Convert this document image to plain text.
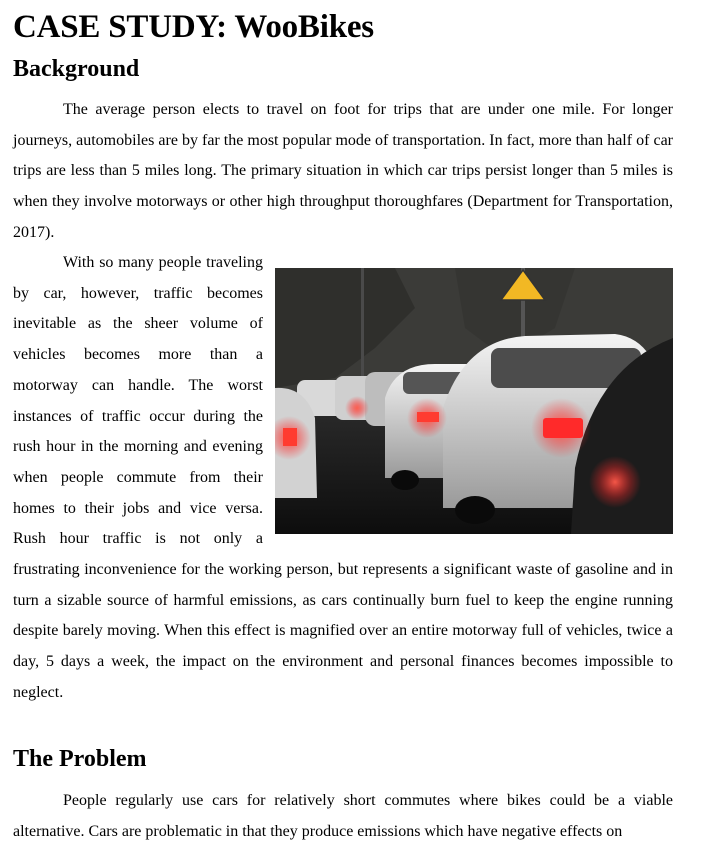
CASE STUDY: WooBikes
Background

The average person elects to travel on foot for trips that are under one mile. For longer journeys, automobiles are by far the most popular mode of transportation. In fact, more than half of car trips are less than 5 miles long. The primary situation in which car trips persist longer than 5 miles is when they involve motorways or other high throughput thoroughfares (Department for Transportation, 2017).

With so many people traveling by car, however, traffic becomes inevitable as the sheer volume of vehicles becomes more than a motorway can handle. The worst instances of traffic occur during the rush hour in the morning and evening when people commute from their homes to their jobs and vice versa. Rush hour traffic is not only a frustrating inconvenience for the working person, but represents a significant waste of gasoline and in turn a sizable source of harmful emissions, as cars continually burn fuel to keep the engine running despite barely moving. When this effect is magnified over an entire motorway full of vehicles, twice a day, 5 days a week, the impact on the environment and personal finances becomes impossible to neglect.
The Problem

People regularly use cars for relatively short commutes where bikes could be a viable alternative. Cars are problematic in that they produce emissions which have negative effects on
